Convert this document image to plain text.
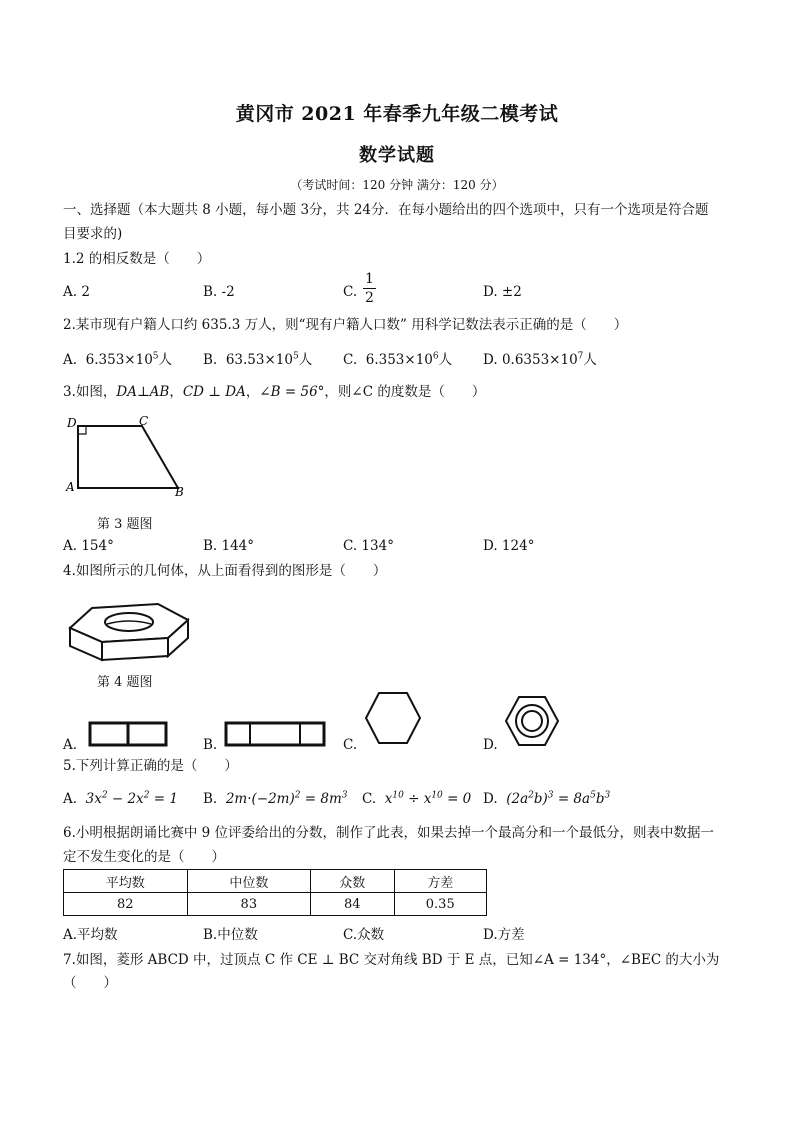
黄冈市 2021 年春季九年级二模考试
数学试题
（考试时间：120 分钟 满分：120 分）
一、选择题（本大题共 8 小题，每小题 3分，共 24分．在每小题给出的四个选项中，只有一个选项是符合题
目要求的)
1.2 的相反数是（　　）
A. 2	B. -2	C. $\frac{1}{2}$	D. ±2
2.某市现有户籍人口约 635.3 万人，则“现有户籍人口数” 用科学记数法表示正确的是（　　）
A. $6.353\times 10^5$人 B. $63.53\times 10^5$人 C. $6.353\times 10^6$人 D. $0.6353\times 10^7$人
3.如图，DA⊥AB，CD ⊥ DA，∠B = 56°，则∠C 的度数是（　　）
D	C
A	B
第 3 题图
A. 154°	B. 144°	C. 134°	D. 124°
4.如图所示的几何体，从上面看得到的图形是（　　）
第 4 题图
A.	B.	C.	D.
5.下列计算正确的是（　　）
A. $3x^2 - 2x^2 = 1$ B. $2m\cdot(-2m)^2 = 8m^3$ C. $x^{10} \div x^{10} = 0$ D. $(2a^2b)^3 = 8a^5b^3$
6.小明根据朗诵比赛中 9 位评委给出的分数，制作了此表，如果去掉一个最高分和一个最低分，则表中数据一
定不发生变化的是（　　）
平均数	中位数	众数	方差
82	83	84	0.35
A.平均数	B.中位数	C.众数	D.方差
7.如图，菱形 ABCD 中，过顶点 C 作 CE ⊥ BC 交对角线 BD 于 E 点，已知∠A = 134°，∠BEC 的大小为
（　　）
